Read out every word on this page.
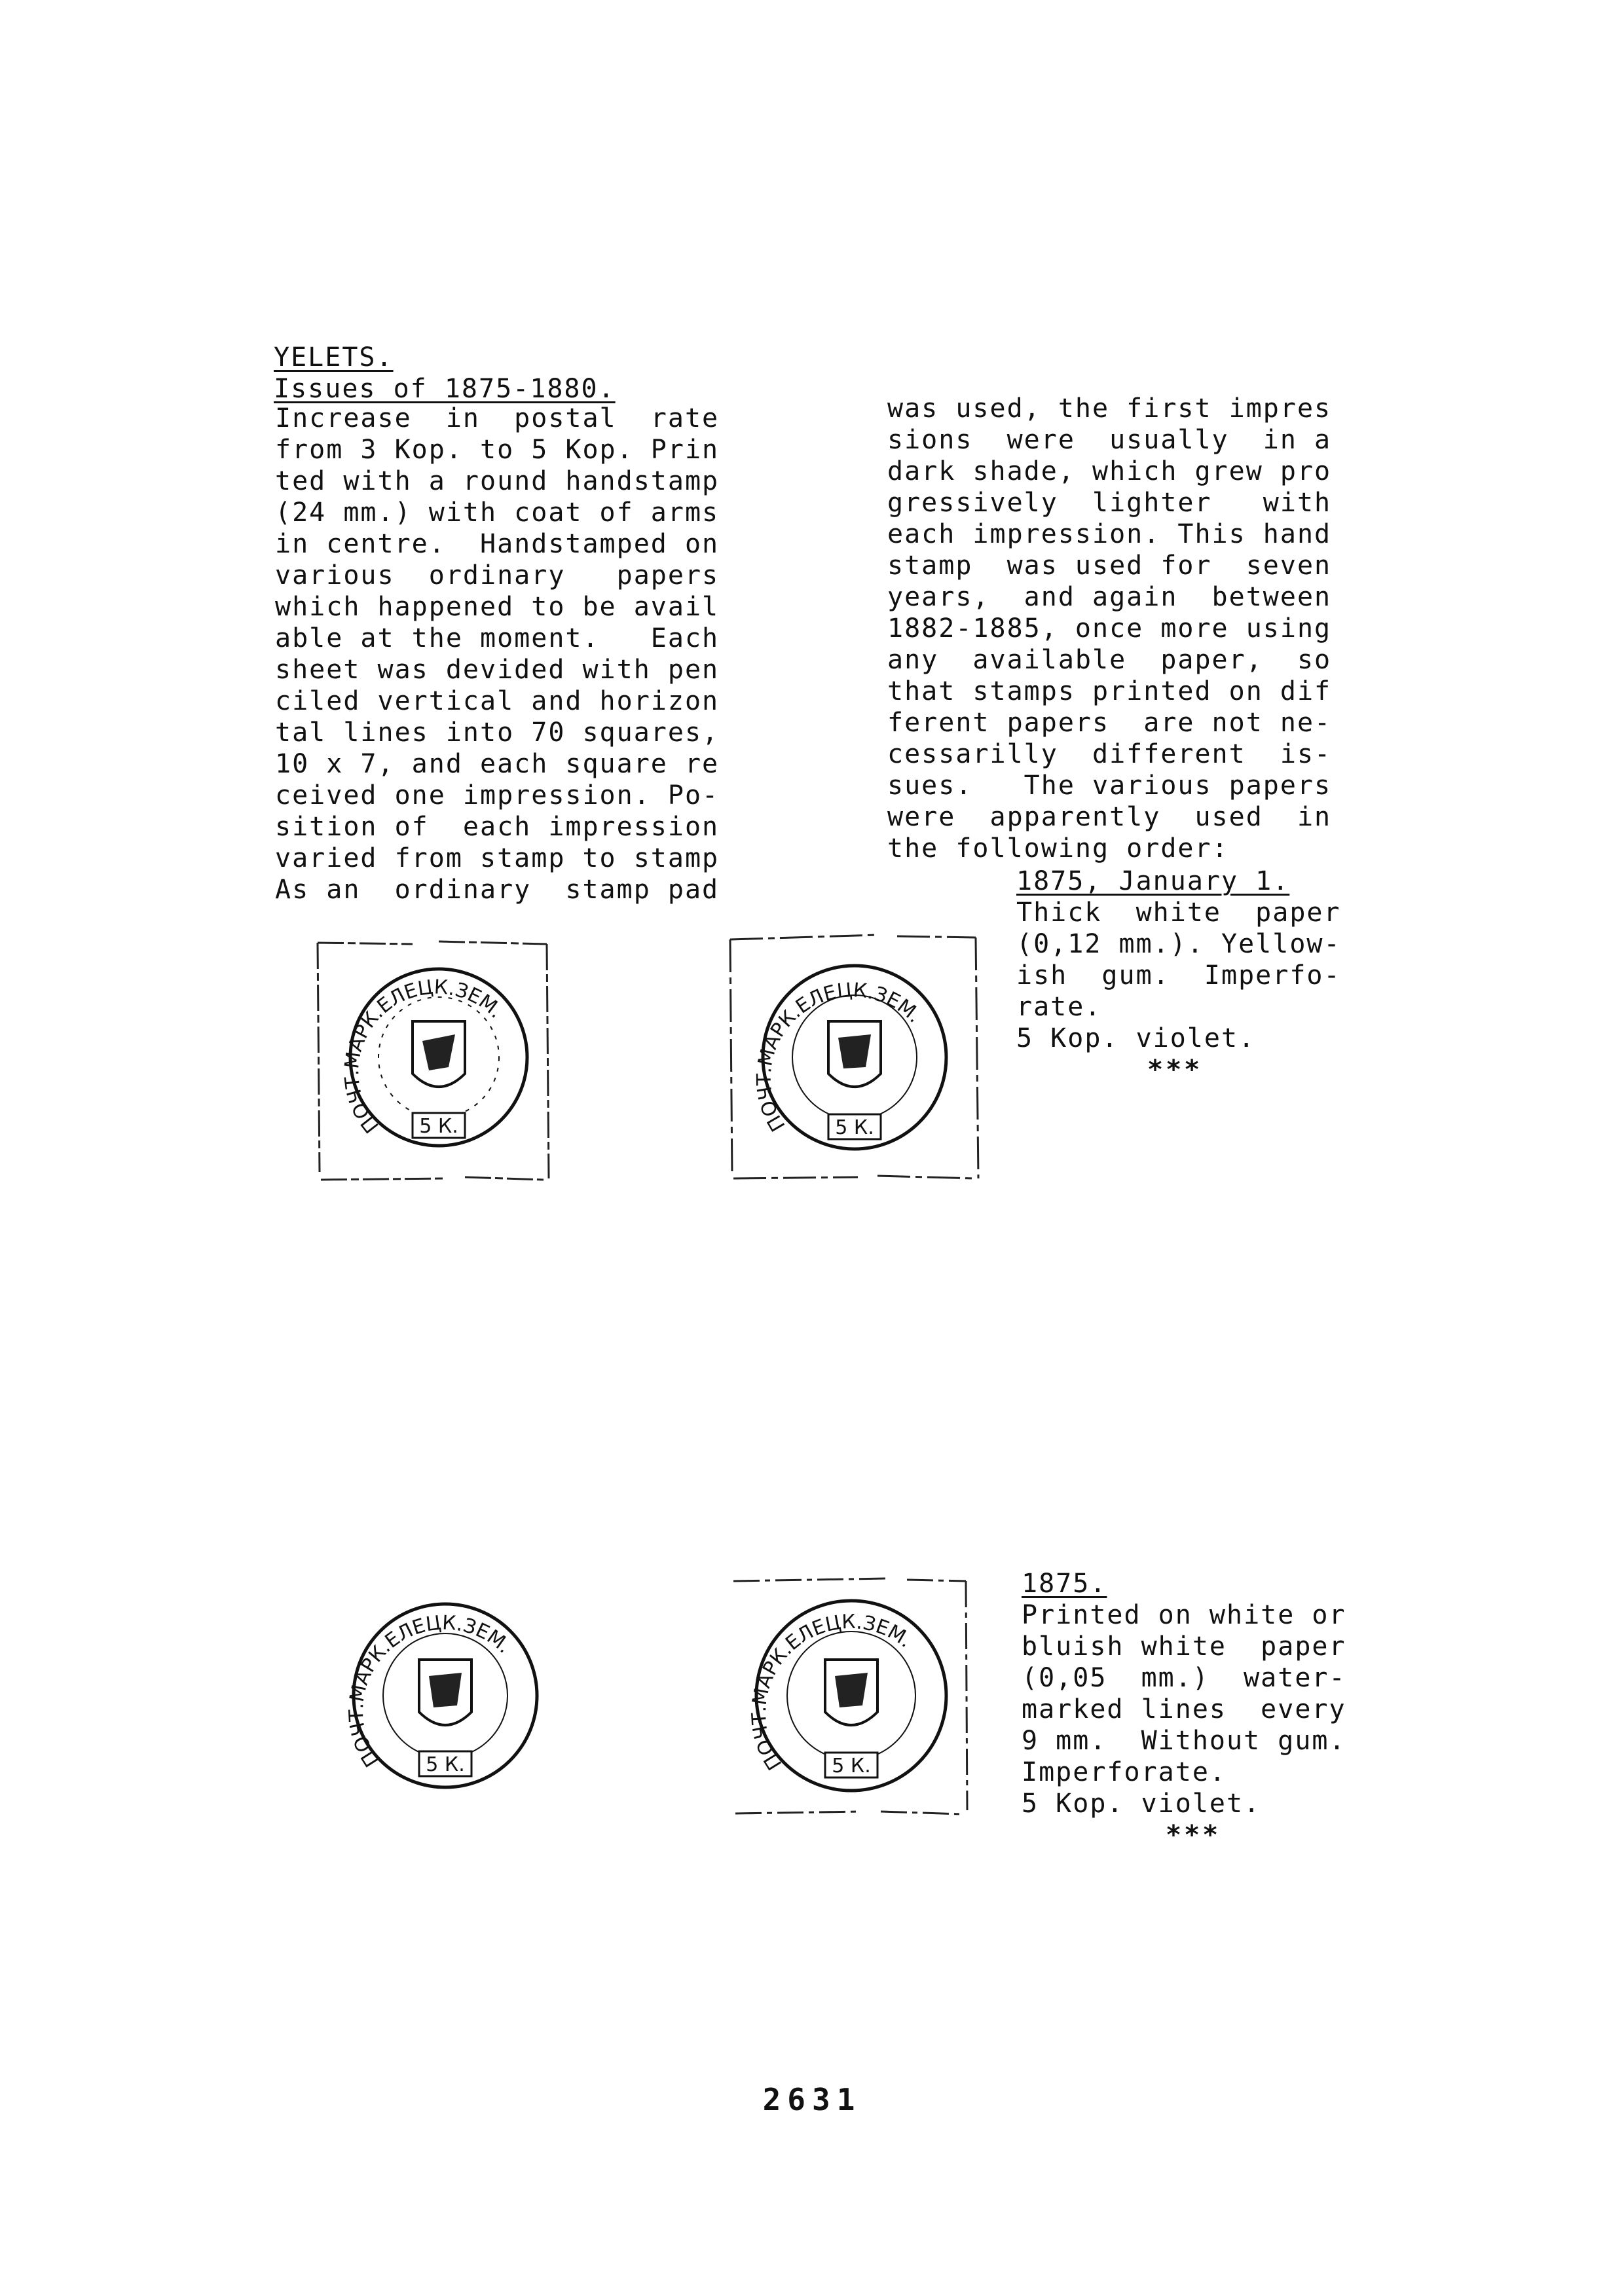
YELETS.
Issues of 1875-1880.
Increase  in  postal  rate
from 3 Kop. to 5 Kop. Prin
ted with a round handstamp
(24 mm.) with coat of arms
in centre.  Handstamped on
various  ordinary   papers
which happened to be avail
able at the moment.   Each
sheet was devided with pen
ciled vertical and horizon
tal lines into 70 squares,
10 x 7, and each square re
ceived one impression. Po-
sition of  each impression
varied from stamp to stamp
As an  ordinary  stamp pad
was used, the first impres
sions  were  usually  in a
dark shade, which grew pro
gressively  lighter   with
each impression. This hand
stamp  was used for  seven
years,  and again  between
1882-1885, once more using
any  available  paper,  so
that stamps printed on dif
ferent papers  are not ne-
cessarilly  different  is-
sues.   The various papers
were  apparently  used  in
the following order:
1875, January 1.
Thick  white  paper
(0,12 mm.). Yellow-
ish  gum.  Imperfo-
rate.
5 Kop. violet.
***
1875.
Printed on white or
bluish white  paper
(0,05  mm.)  water-
marked lines  every
9 mm.  Without gum.
Imperforate.
5 Kop. violet.
***
ПОЧТ.МАРК.ЕЛЕЦК.ЗЕМ.
5 К.	ПОЧТ.МАРК.ЕЛЕЦК.ЗЕМ.
5 К.
ПОЧТ.МАРК.ЕЛЕЦК.ЗЕМ.
5 К.	ПОЧТ.МАРК.ЕЛЕЦК.ЗЕМ.
5 К.
2631
